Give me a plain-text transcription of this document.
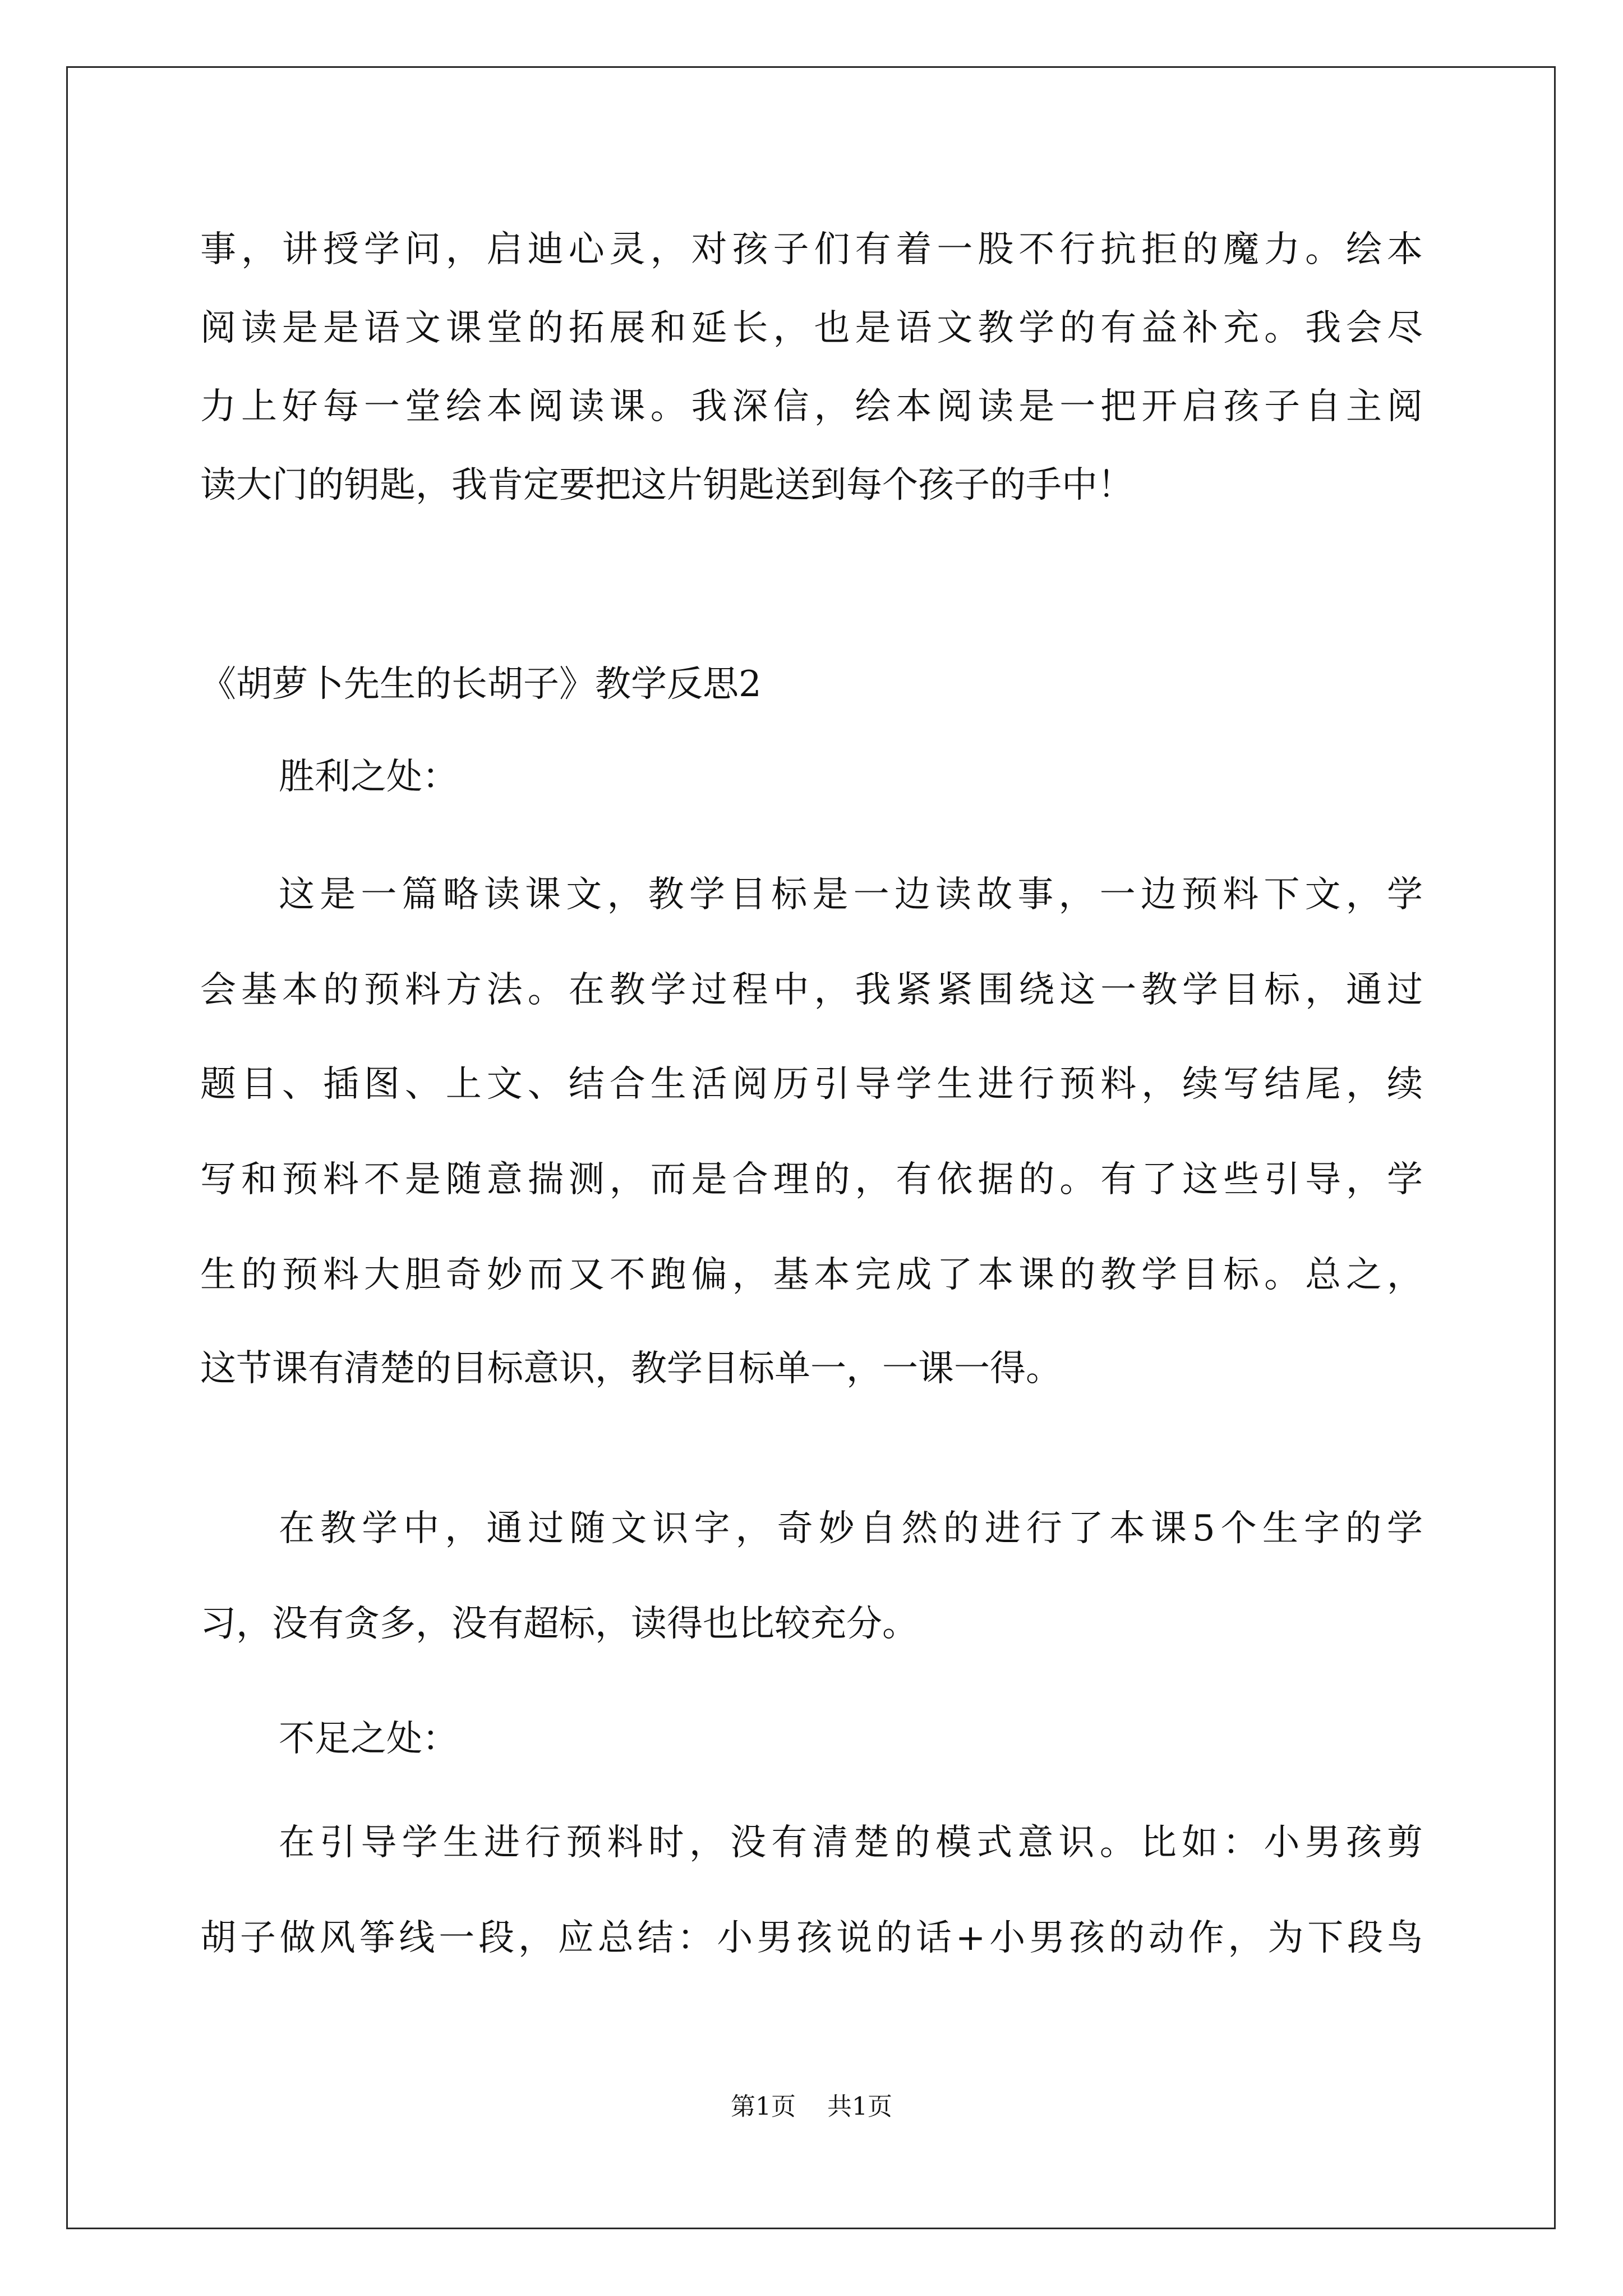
事，讲授学问，启迪心灵，对孩子们有着一股不行抗拒的魔力。绘本
阅读是是语文课堂的拓展和延长，也是语文教学的有益补充。我会尽
力上好每一堂绘本阅读课。我深信，绘本阅读是一把开启孩子自主阅
读大门的钥匙，我肯定要把这片钥匙送到每个孩子的手中！
《胡萝卜先生的长胡子》教学反思2
胜利之处：
这是一篇略读课文，教学目标是一边读故事，一边预料下文，学
会基本的预料方法。在教学过程中，我紧紧围绕这一教学目标，通过
题目、插图、上文、结合生活阅历引导学生进行预料，续写结尾，续
写和预料不是随意揣测，而是合理的，有依据的。有了这些引导，学
生的预料大胆奇妙而又不跑偏，基本完成了本课的教学目标。总之，
这节课有清楚的目标意识，教学目标单一，一课一得。
在教学中，通过随文识字，奇妙自然的进行了本课5个生字的学
习，没有贪多，没有超标，读得也比较充分。
不足之处：
在引导学生进行预料时，没有清楚的模式意识。比如：小男孩剪
胡子做风筝线一段，应总结：小男孩说的话+小男孩的动作，为下段鸟
第1页 共1页
